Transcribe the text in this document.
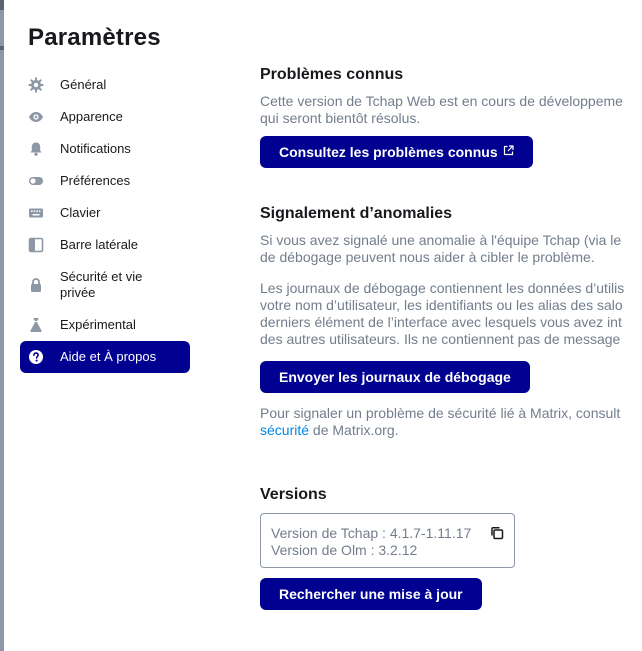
Paramètres
Général
Apparence
Notifications
Préférences
Clavier
Barre latérale
Sécurité et vie
privée
Expérimental
Aide et À propos
Problèmes connus
Cette version de Tchap Web est en cours de développeme
qui seront bientôt résolus.
Consultez les problèmes connus
Signalement d’anomalies
Si vous avez signalé une anomalie à l'équipe Tchap (via le
de débogage peuvent nous aider à cibler le problème.
Les journaux de débogage contiennent les données d’utilis
votre nom d’utilisateur, les identifiants ou les alias des salo
derniers élément de l’interface avec lesquels vous avez int
des autres utilisateurs. Ils ne contiennent pas de message
Envoyer les journaux de débogage
Pour signaler un problème de sécurité lié à Matrix, consult
sécurité de Matrix.org.
Versions
Version de Tchap : 4.1.7-1.11.17
Version de Olm : 3.2.12
Rechercher une mise à jour
